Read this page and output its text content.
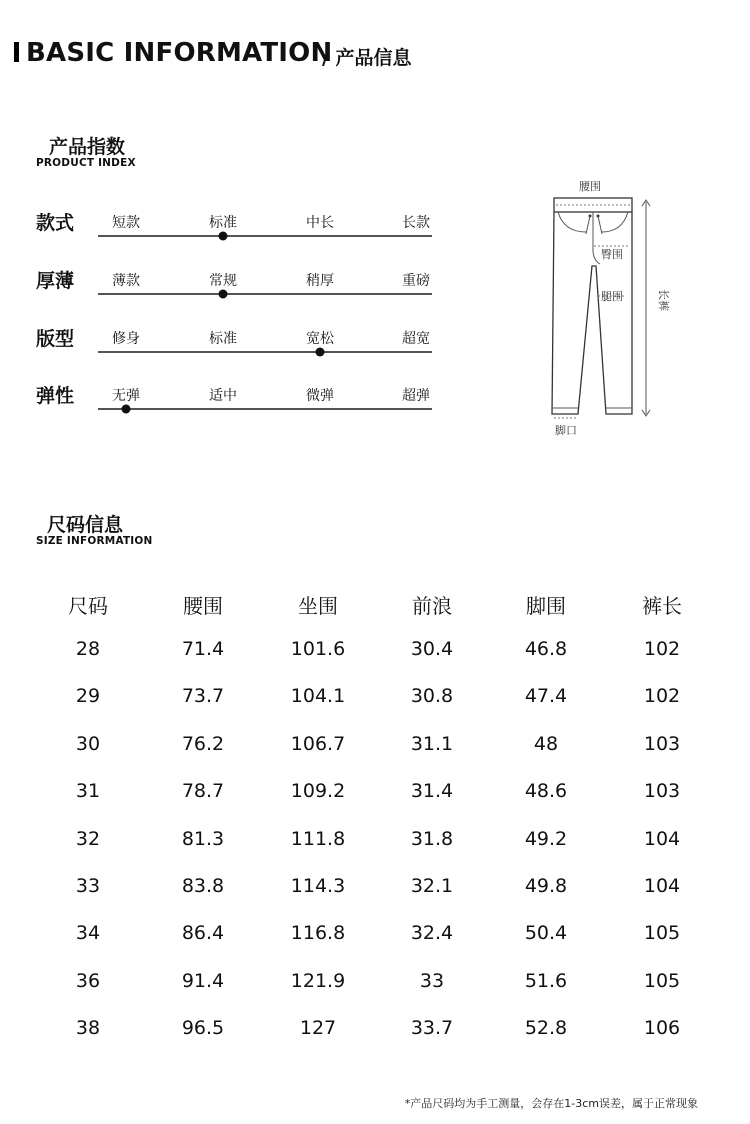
BASIC INFORMATION
/ 产品信息
产品指数
PRODUCT INDEX
款式	短款	标准	中长	长款
厚薄	薄款	常规	稍厚	重磅
版型	修身	标准	宽松	超宽
弹性	无弹	适中	微弹	超弹
腰围
臀围
腿围	长裤
脚口
尺码信息
SIZE INFORMATION
尺码	腰围	坐围	前浪	脚围	裤长
28	71.4	101.6	30.4	46.8	102
29	73.7	104.1	30.8	47.4	102
30	76.2	106.7	31.1	48	103
31	78.7	109.2	31.4	48.6	103
32	81.3	111.8	31.8	49.2	104
33	83.8	114.3	32.1	49.8	104
34	86.4	116.8	32.4	50.4	105
36	91.4	121.9	33	51.6	105
38	96.5	127	33.7	52.8	106
*产品尺码均为手工测量，会存在1-3cm误差，属于正常现象
